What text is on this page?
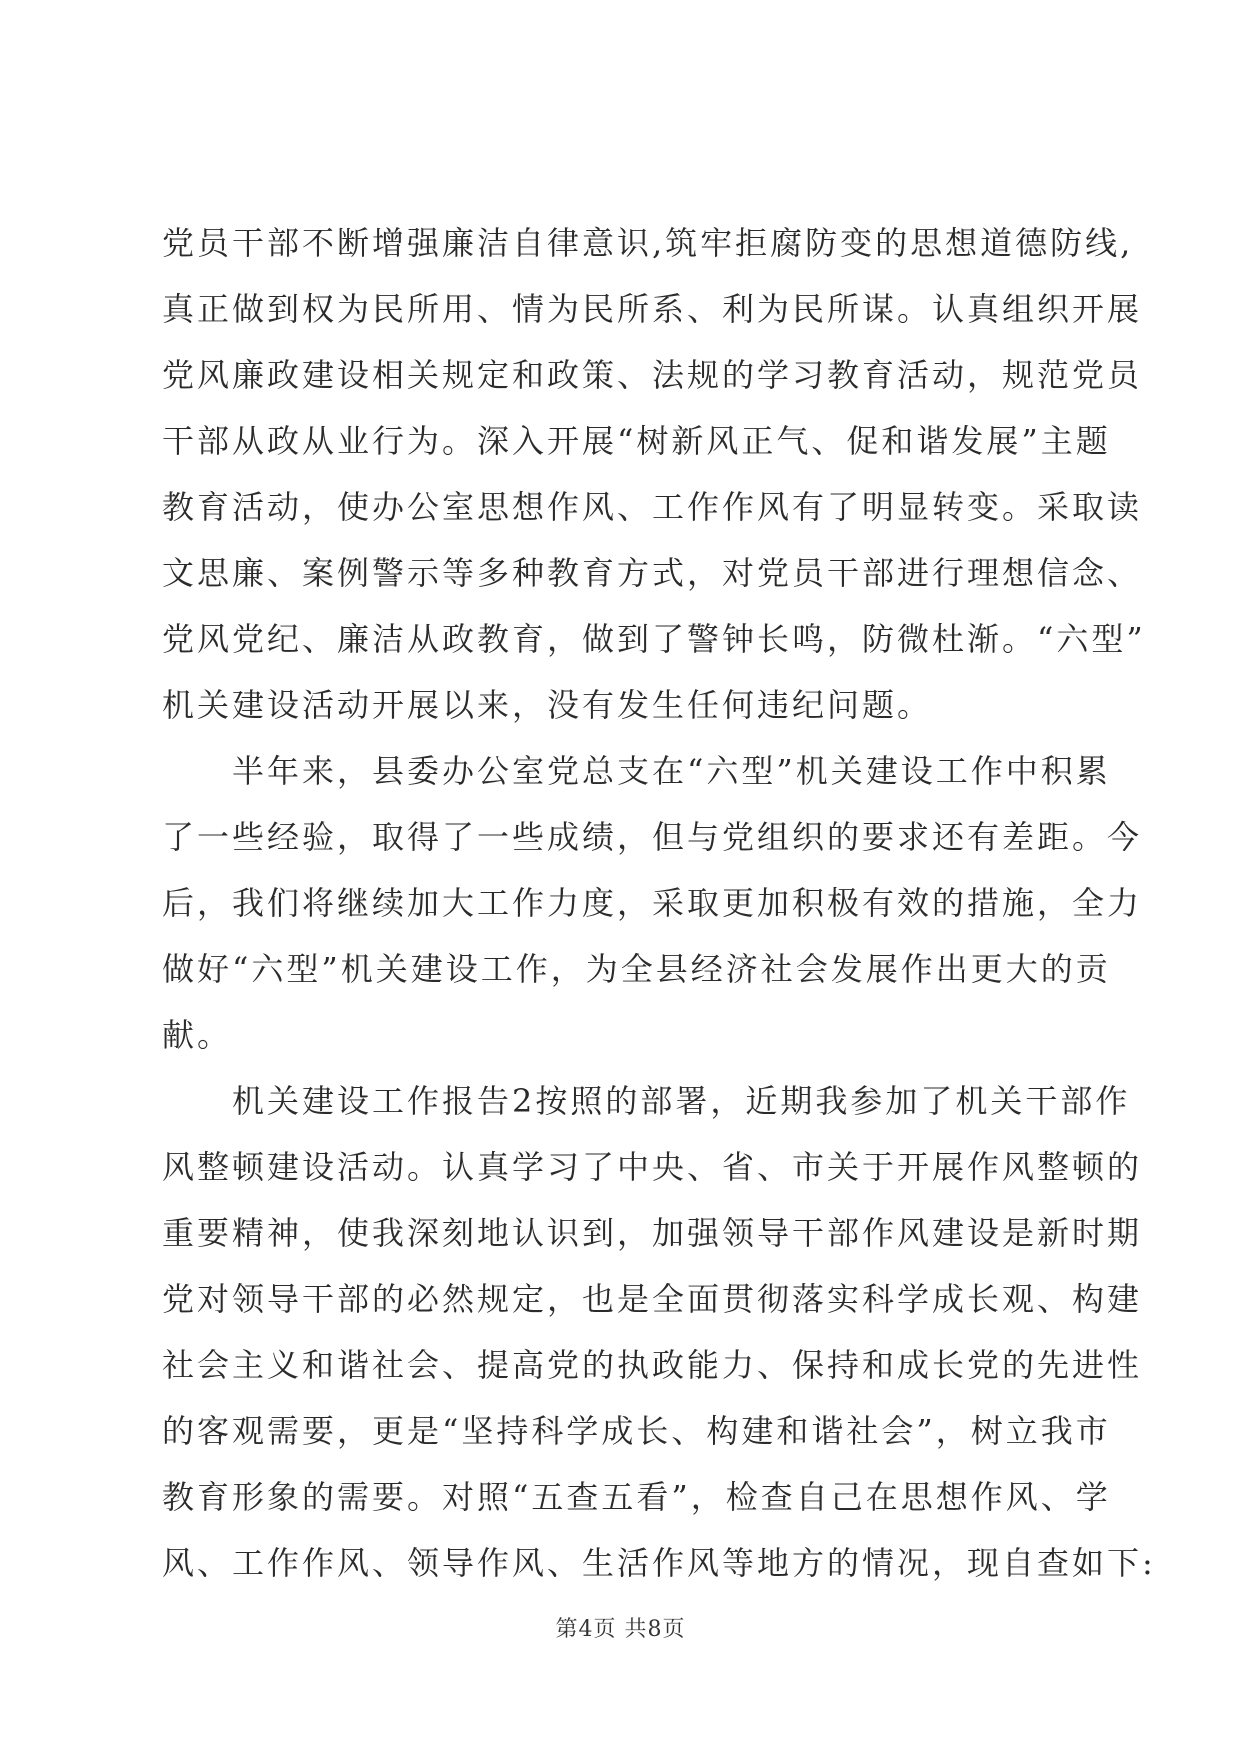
党员干部不断增强廉洁自律意识,筑牢拒腐防变的思想道德防线,
真正做到权为民所用、情为民所系、利为民所谋。认真组织开展
党风廉政建设相关规定和政策、法规的学习教育活动，规范党员
干部从政从业行为。深入开展“树新风正气、促和谐发展”主题
教育活动，使办公室思想作风、工作作风有了明显转变。采取读
文思廉、案例警示等多种教育方式，对党员干部进行理想信念、
党风党纪、廉洁从政教育，做到了警钟长鸣，防微杜渐。“六型”
机关建设活动开展以来，没有发生任何违纪问题。
半年来，县委办公室党总支在“六型”机关建设工作中积累
了一些经验，取得了一些成绩，但与党组织的要求还有差距。今
后，我们将继续加大工作力度，采取更加积极有效的措施，全力
做好“六型”机关建设工作，为全县经济社会发展作出更大的贡
献。
机关建设工作报告2按照的部署，近期我参加了机关干部作
风整顿建设活动。认真学习了中央、省、市关于开展作风整顿的
重要精神，使我深刻地认识到，加强领导干部作风建设是新时期
党对领导干部的必然规定，也是全面贯彻落实科学成长观、构建
社会主义和谐社会、提高党的执政能力、保持和成长党的先进性
的客观需要，更是“坚持科学成长、构建和谐社会”，树立我市
教育形象的需要。对照“五查五看”，检查自己在思想作风、学
风、工作作风、领导作风、生活作风等地方的情况，现自查如下:
第4页 共8页
